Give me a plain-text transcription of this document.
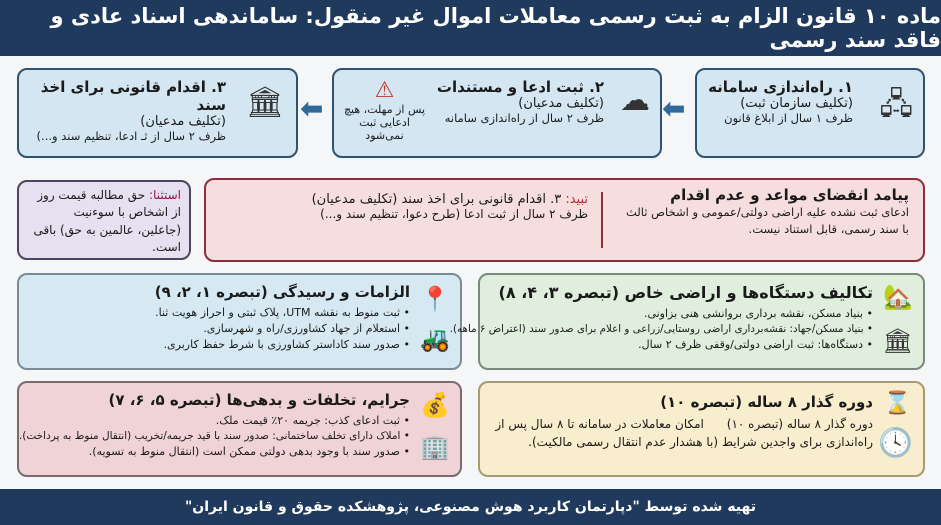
ماده ۱۰ قانون الزام به ثبت رسمی معاملات اموال غیر منقول: ساماندهی اسناد عادی و فاقد سند رسمی
🖧
۱. راه‌اندازی سامانه
(تکلیف سازمان ثبت)
ظرف ۱ سال از ابلاغ قانون
⬅
☁
۲. ثبت ادعا و مستندات
(تکلیف مدعیان)
ظرف ۲ سال از راه‌اندازی سامانه
⚠
پس از مهلت، هیچ ادعایی ثبت نمی‌شود
⬅
🏛
۳. اقدام قانونی برای اخذ سند
(تکلیف مدعیان)
ظرف ۲ سال از ثـ ادعا، تنظیم سند و...)
پیامد انقضای مواعد و عدم اقدام
ادعای ثبت نشده علیه اراضی دولتی/عمومی و اشخاص ثالث با سند رسمی، قابل استناد نیست.
تبید: ۳. اقدام قانونی برای اخذ سند (تکلیف مدعیان)
ظرف ۲ سال از ثبت ادعا (طرح دعوا، تنظیم سند و...)
استثنا: حق مطالبه قیمت روز از اشخاص با سوءنیت (جاعلین، عالمین به حق) باقی است.
📍
🚜
الزامات و رسیدگی (تبصره ۱، ۲، ۹)
• ثبت منوط به نقشه UTM، پلاک ثبتی و احراز هویت ثنا.
• استعلام از جهاد کشاورزی/راه و شهرسازی.
• صدور سند کاداستر کشاورزی با شرط حفظ کاربری.
🏡
🏛
تکالیف دستگاه‌ها و اراضی خاص (تبصره ۳، ۴، ۸)
• بنیاد مسکن، نقشه برداری بروانشی هنی بزاونی.
• بنیاد مسکن/جهاد: نقشه‌برداری اراضی روستایی/زراعی و اعلام برای صدور سند (اعتراض ۶ ماهه).
• دستگاه‌ها: ثبت اراضی دولتی/وقفی ظرف ۲ سال.
💰
🏢
جرایم، تخلفات و بدهی‌ها (تبصره ۵، ۶، ۷)
• ثبت ادعای کذب: جریمه ۲۰٪ قیمت ملک.
• املاک دارای تخلف ساختمانی: صدور سند با قید جریمه/تخریب (انتقال منوط به پرداخت).
• صدور سند با وجود بدهی دولتی ممکن است (انتقال منوط به تسویه).
⌛
🕓
دوره گذار ۸ ساله (تبصره ۱۰)
دوره گذار ۸ ساله (تبصره ۱۰)      امکان معاملات در سامانه تا ۸ سال پس از راه‌اندازی برای واجدین شرایط (با هشدار عدم انتقال رسمی مالکیت).
تهیه شده توسط "دپارتمان کاربرد هوش مصنوعی، پژوهشکده حقوق و قانون ایران"
